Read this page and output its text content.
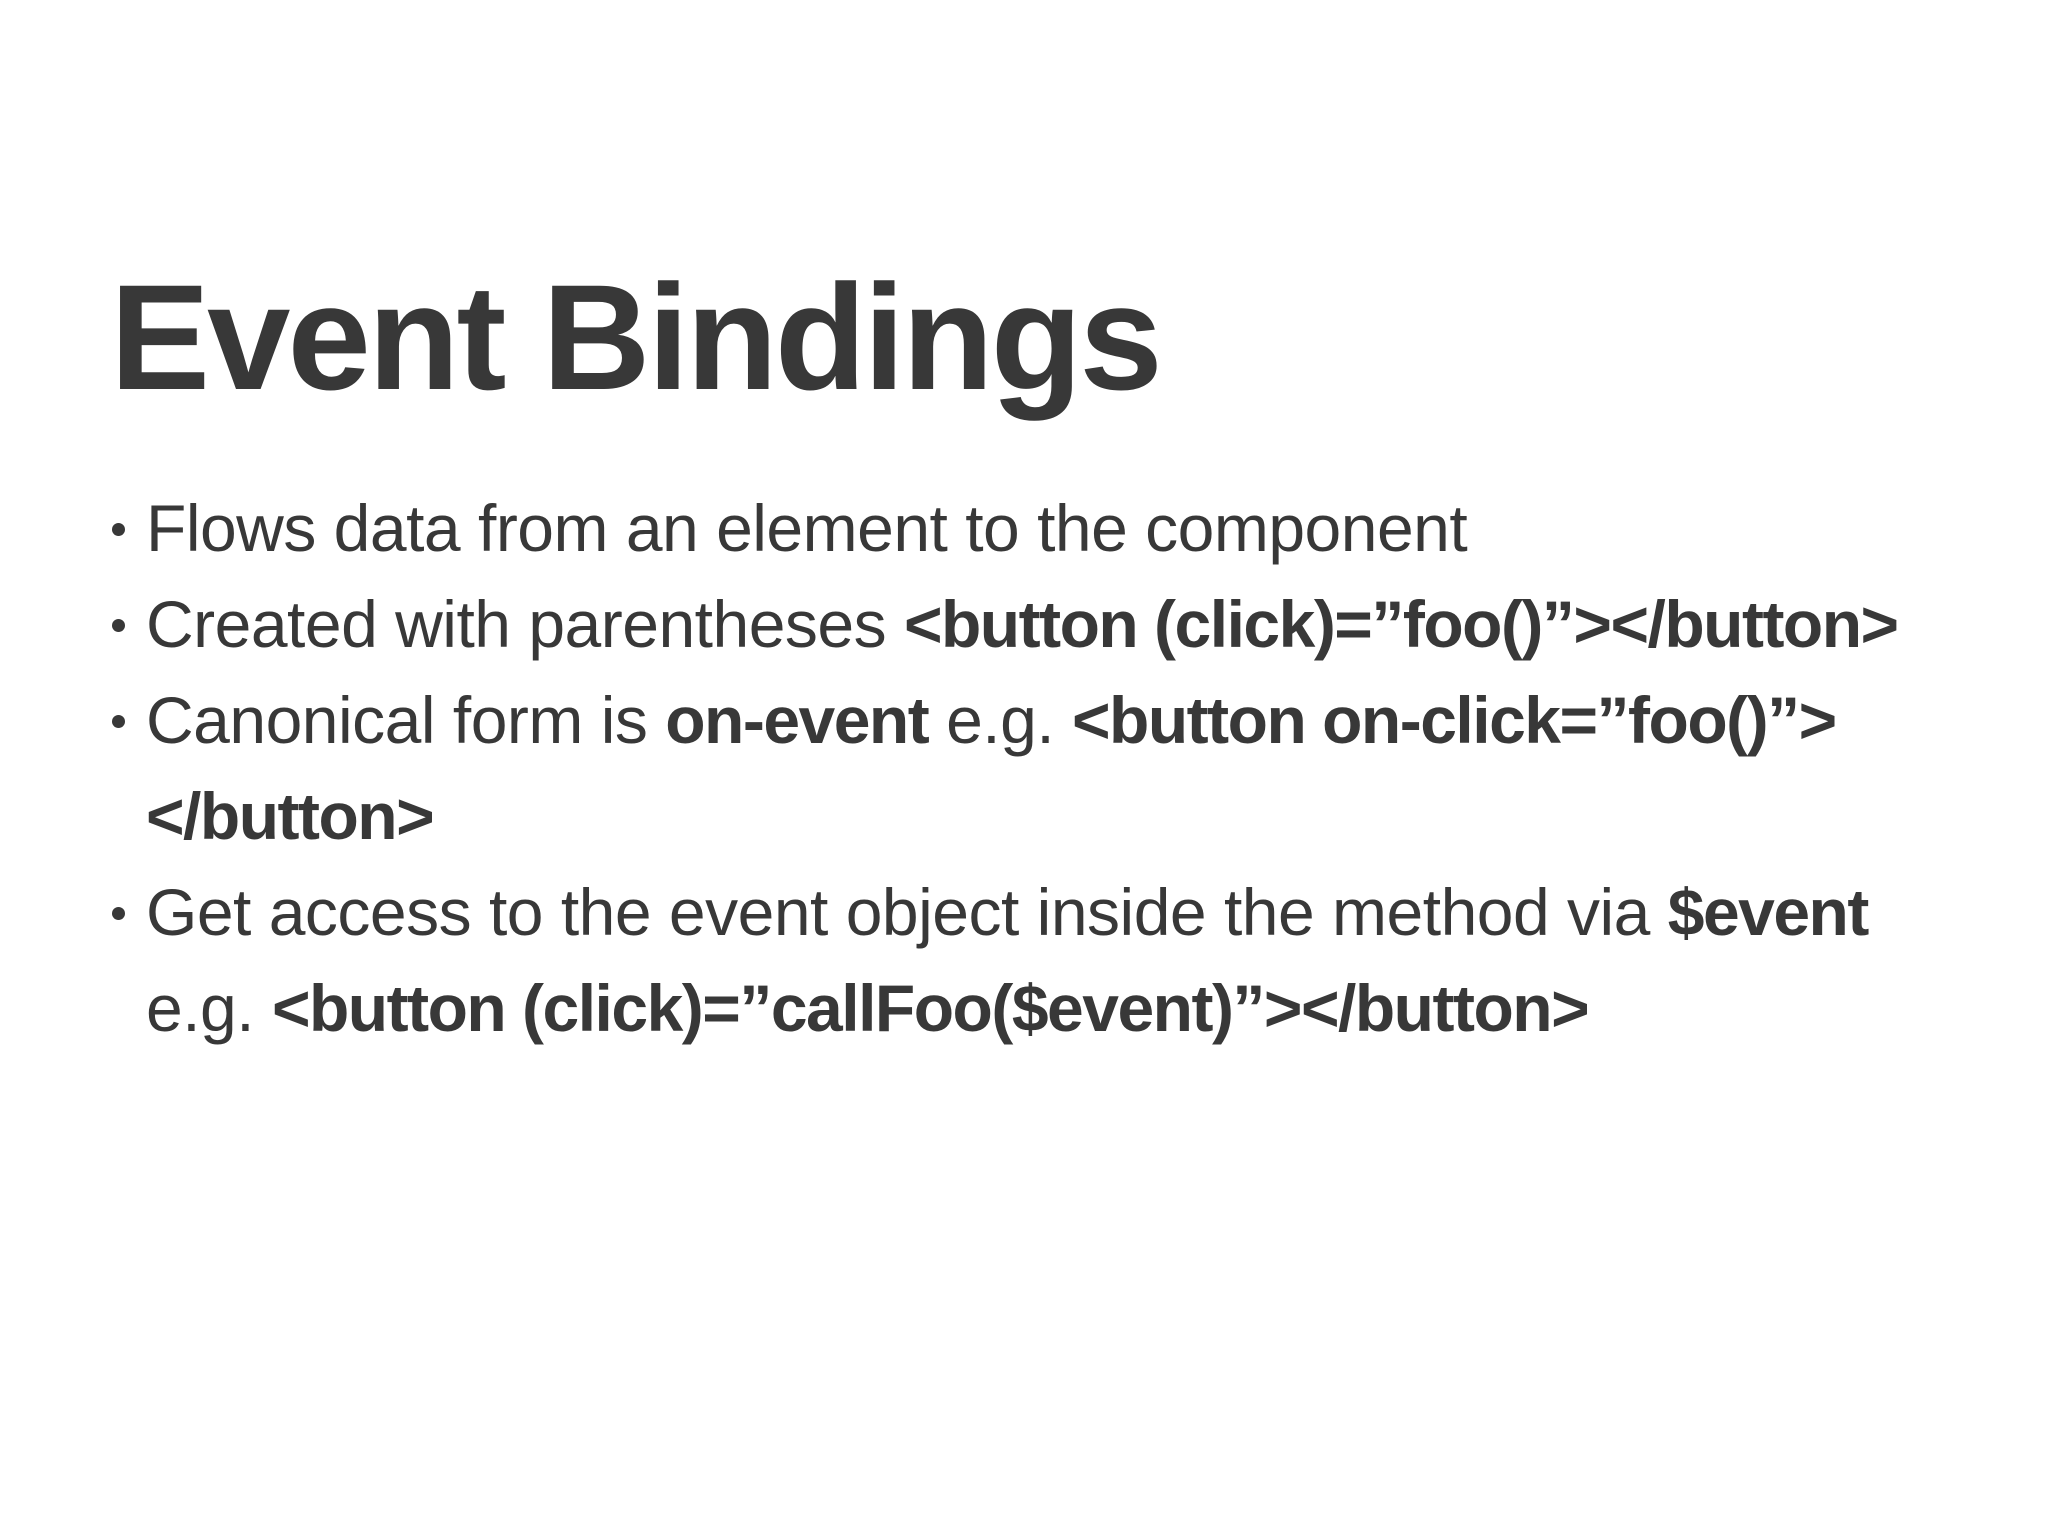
Event Bindings
Flows data from an element to the component
Created with parentheses <button (click)=”foo()”></button>
Canonical form is on-event e.g. <button on-click=”foo()”></button>
Get access to the event object inside the method via $event e.g. <button (click)=”callFoo($event)”></button>
